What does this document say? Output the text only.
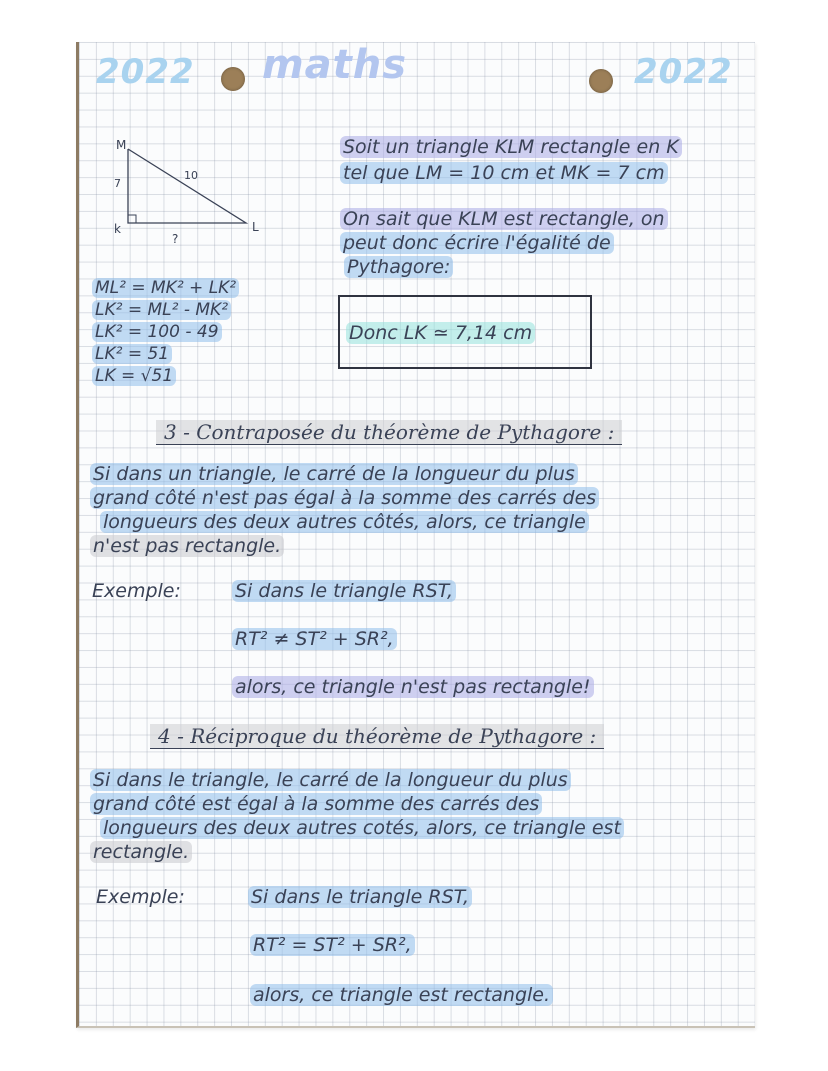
2022 maths	2022
M
k	L
7
10
?
Soit un triangle KLM rectangle en K
tel que LM = 10 cm et MK = 7 cm
On sait que KLM est rectangle, on
peut donc écrire l'égalité de
Pythagore:
ML² = MK² + LK²
LK² = ML² - MK²
LK² = 100 - 49
LK² = 51
LK = √51
Donc LK ≃ 7,14 cm
3 - Contraposée du théorème de Pythagore :
Si dans un triangle, le carré de la longueur du plus
grand côté n'est pas égal à la somme des carrés des
longueurs des deux autres côtés, alors, ce triangle
n'est pas rectangle.
Exemple:	Si dans le triangle RST,
RT² ≠ ST² + SR²,
alors, ce triangle n'est pas rectangle!
4 - Réciproque du théorème de Pythagore :
Si dans le triangle, le carré de la longueur du plus
grand côté est égal à la somme des carrés des
longueurs des deux autres cotés, alors, ce triangle est
rectangle.
Exemple:	Si dans le triangle RST,
RT² = ST² + SR²,
alors, ce triangle est rectangle.
